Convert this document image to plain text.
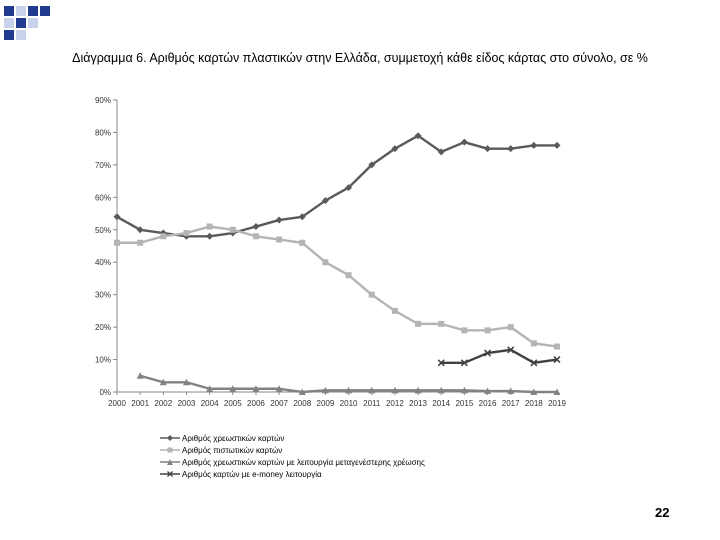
Διάγραμμα 6. Αριθμός καρτών πλαστικών στην Ελλάδα, συμμετοχή κάθε είδος κάρτας στο σύνολο, σε %
0%
10%
20%
30%
40%
50%
60%
70%
80%
90%
2000 2001 2002 2003 2004 2005 2006 2007 2008 2009 2010 2011 2012 2013 2014 2015 2016 2017 2018 2019
Αριθμός χρεωστικών καρτών
Αριθμός πιστωτικών καρτών
Αριθμός χρεωστικών καρτών με λειτουργία μεταγενέστερης χρέωσης
Αριθμός καρτών με e-money λειτουργία
22
